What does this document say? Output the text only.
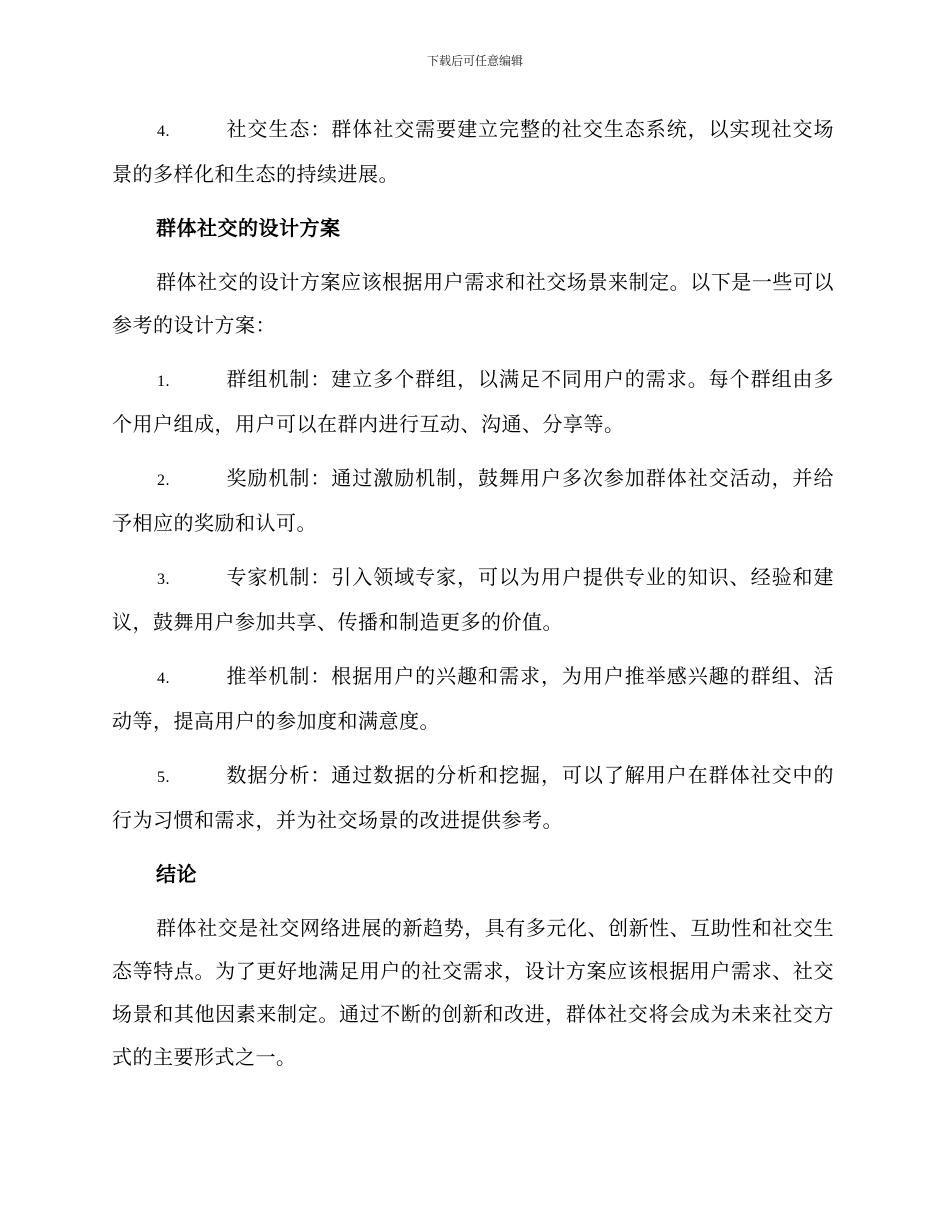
下载后可任意编辑

4.	社交生态：群体社交需要建立完整的社交生态系统，以实现社交场景的多样化和生态的持续进展。

群体社交的设计方案

群体社交的设计方案应该根据用户需求和社交场景来制定。以下是一些可以参考的设计方案：

1.	群组机制：建立多个群组，以满足不同用户的需求。每个群组由多个用户组成，用户可以在群内进行互动、沟通、分享等。

2.	奖励机制：通过激励机制，鼓舞用户多次参加群体社交活动，并给予相应的奖励和认可。

3.	专家机制：引入领域专家，可以为用户提供专业的知识、经验和建议，鼓舞用户参加共享、传播和制造更多的价值。

4.	推举机制：根据用户的兴趣和需求，为用户推举感兴趣的群组、活动等，提高用户的参加度和满意度。

5.	数据分析：通过数据的分析和挖掘，可以了解用户在群体社交中的行为习惯和需求，并为社交场景的改进提供参考。

结论

群体社交是社交网络进展的新趋势，具有多元化、创新性、互助性和社交生态等特点。为了更好地满足用户的社交需求，设计方案应该根据用户需求、社交场景和其他因素来制定。通过不断的创新和改进，群体社交将会成为未来社交方式的主要形式之一。
